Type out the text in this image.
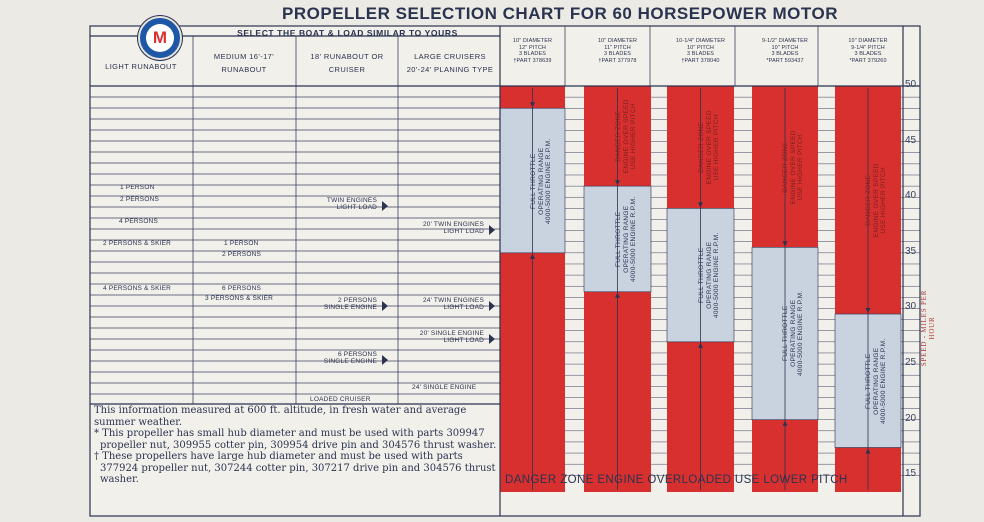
PROPELLER SELECTION CHART FOR 60 HORSEPOWER MOTOR
M	SELECT THE BOAT & LOAD SIMILAR TO YOURS
LIGHT RUNABOUT
MEDIUM 16'-17'
RUNABOUT
18' RUNABOUT OR
CRUISER
LARGE CRUISERS
20'-24' PLANING TYPE
1 PERSON
2 PERSONS
4 PERSONS
2 PERSONS & SKIER
4 PERSONS & SKIER
1 PERSON
2 PERSONS
6 PERSONS
3 PERSONS & SKIER
TWIN ENGINES
LIGHT LOAD
2 PERSONS
SINGLE ENGINE
6 PERSONS
SINGLE ENGINE
LOADED CRUISER
20' TWIN ENGINES
LIGHT LOAD
24' TWIN ENGINES
LIGHT LOAD
20' SINGLE ENGINE
LIGHT LOAD
24' SINGLE ENGINE
10" DIAMETER
12" PITCH
3 BLADES
†PART 378639
10" DIAMETER
11" PITCH
3 BLADES
†PART 377978
10-1/4" DIAMETER
10" PITCH
3 BLADES
†PART 378040
9-1/2" DIAMETER
10" PITCH
3 BLADES
*PART 593437
10" DIAMETER
9-1/4" PITCH
3 BLADES
*PART 379260
FULL THROTTLE OPERATING RANGE 4000-5000 ENGINE R.P.M.
FULL THROTTLE OPERATING RANGE 4000-5000 ENGINE R.P.M.
DANGER ZONE ENGINE OVER SPEED USE HIGHER PITCH
FULL THROTTLE OPERATING RANGE 4000-5000 ENGINE R.P.M.
DANGER ZONE ENGINE OVER SPEED USE HIGHER PITCH
FULL THROTTLE OPERATING RANGE 4000-5000 ENGINE R.P.M.
DANGER ZONE ENGINE OVER SPEED USE HIGHER PITCH
FULL THROTTLE OPERATING RANGE 4000-5000 ENGINE R.P.M.
DANGER ZONE ENGINE OVER SPEED USE HIGHER PITCH
50
45
40
35
30
25
20
15
SPEED - MILES PER HOUR

This information measured at 600 ft. altitude, in fresh water and average summer weather.

* This propeller has small hub diameter and must be used with parts 309947 propeller nut, 309955 cotter pin, 309954 drive pin and 304576 thrust washer.

† These propellers have large hub diameter and must be used with parts 377924 propeller nut, 307244 cotter pin, 307217 drive pin and 304576 thrust washer.	DANGER ZONE ENGINE OVERLOADED USE LOWER PITCH
